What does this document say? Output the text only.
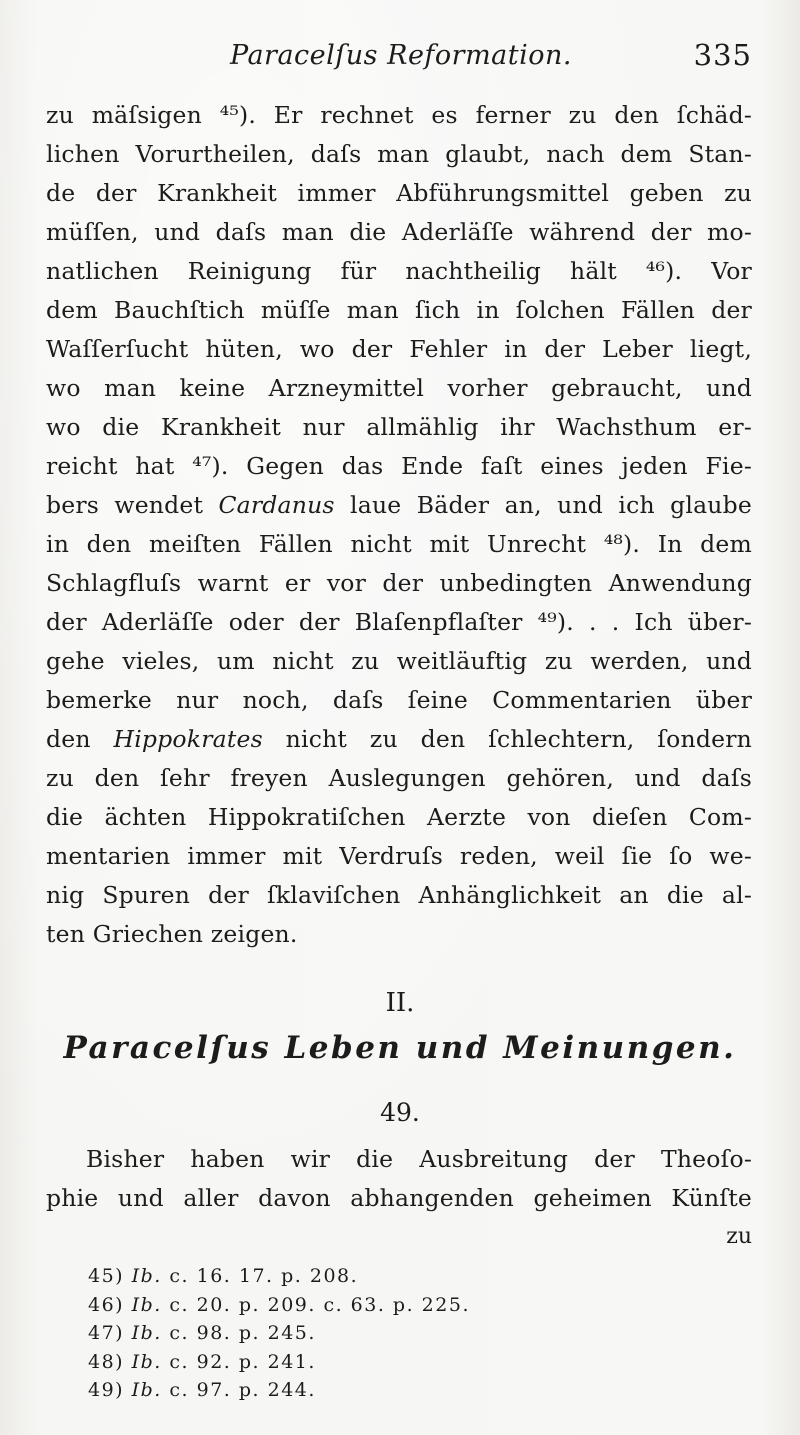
Paracelſus Reformation.	335
zu mäſsigen ⁴⁵). Er rechnet es ferner zu den ſchäd-
lichen Vorurtheilen, daſs man glaubt, nach dem Stan-
de der Krankheit immer Abführungsmittel geben zu
müſſen, und daſs man die Aderläſſe während der mo-
natlichen Reinigung für nachtheilig hält ⁴⁶). Vor
dem Bauchſtich müſſe man ſich in ſolchen Fällen der
Waſſerſucht hüten, wo der Fehler in der Leber liegt,
wo man keine Arzneymittel vorher gebraucht, und
wo die Krankheit nur allmählig ihr Wachsthum er-
reicht hat ⁴⁷). Gegen das Ende faſt eines jeden Fie-
bers wendet Cardanus laue Bäder an, und ich glaube
in den meiſten Fällen nicht mit Unrecht ⁴⁸). In dem
Schlagfluſs warnt er vor der unbedingten Anwendung
der Aderläſſe oder der Blaſenpflaſter ⁴⁹). . . Ich über-
gehe vieles, um nicht zu weitläuftig zu werden, und
bemerke nur noch, daſs ſeine Commentarien über
den Hippokrates nicht zu den ſchlechtern, ſondern
zu den ſehr freyen Auslegungen gehören, und daſs
die ächten Hippokratiſchen Aerzte von dieſen Com-
mentarien immer mit Verdruſs reden, weil ſie ſo we-
nig Spuren der ſklaviſchen Anhänglichkeit an die al-
ten Griechen zeigen.
II.
Paracelſus Leben und Meinungen.
49.
Bisher haben wir die Ausbreitung der Theoſo-
phie und aller davon abhangenden geheimen Künſte
zu
45) Ib. c. 16. 17. p. 208.
46) Ib. c. 20. p. 209. c. 63. p. 225.
47) Ib. c. 98. p. 245.
48) Ib. c. 92. p. 241.
49) Ib. c. 97. p. 244.
